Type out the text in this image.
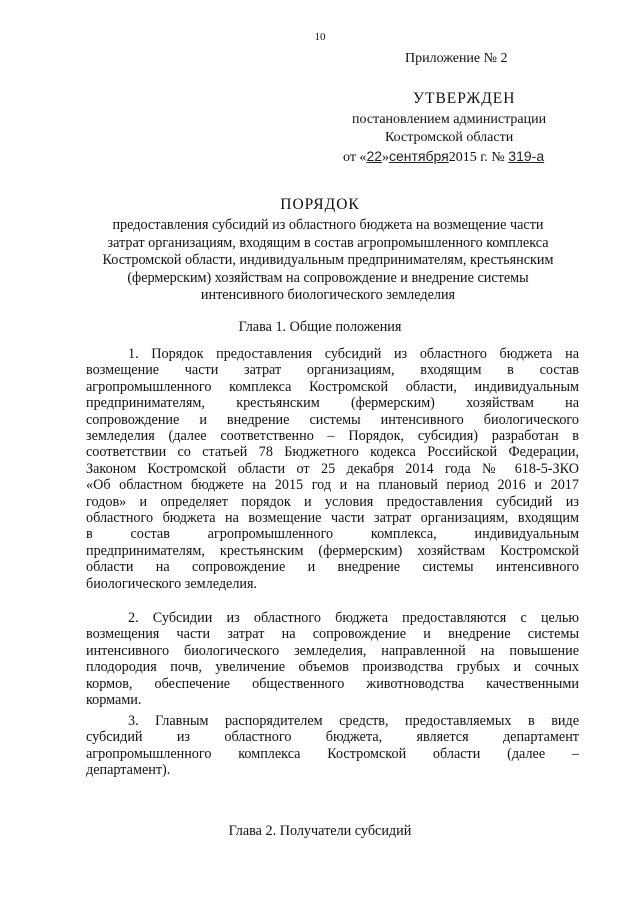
10
Приложение № 2
УТВЕРЖДЕН
постановлением администрации
Костромской области
от «22»сентября2015 г. № 319-а
ПОРЯДОК
предоставления субсидий из областного бюджета на возмещение части
затрат организациям, входящим в состав агропромышленного комплекса
Костромской области, индивидуальным предпринимателям, крестьянским
(фермерским) хозяйствам на сопровождение и внедрение системы
интенсивного биологического земледелия
Глава 1. Общие положения
1. Порядок предоставления субсидий из областного бюджета на
возмещение части затрат организациям, входящим в состав
агропромышленного комплекса Костромской области, индивидуальным
предпринимателям, крестьянским (фермерским) хозяйствам на
сопровождение и внедрение системы интенсивного биологического
земледелия (далее соответственно – Порядок, субсидия) разработан в
соответствии со статьей 78 Бюджетного кодекса Российской Федерации,
Законом Костромской области от 25 декабря 2014 года № 618-5-ЗКО
«Об областном бюджете на 2015 год и на плановый период 2016 и 2017
годов» и определяет порядок и условия предоставления субсидий из
областного бюджета на возмещение части затрат организациям, входящим
в состав агропромышленного комплекса, индивидуальным
предпринимателям, крестьянским (фермерским) хозяйствам Костромской
области на сопровождение и внедрение системы интенсивного
биологического земледелия.
2. Субсидии из областного бюджета предоставляются с целью
возмещения части затрат на сопровождение и внедрение системы
интенсивного биологического земледелия, направленной на повышение
плодородия почв, увеличение объемов производства грубых и сочных
кормов, обеспечение общественного животноводства качественными
кормами.
3. Главным распорядителем средств, предоставляемых в виде
субсидий из областного бюджета, является департамент
агропромышленного комплекса Костромской области (далее –
департамент).
Глава 2. Получатели субсидий
